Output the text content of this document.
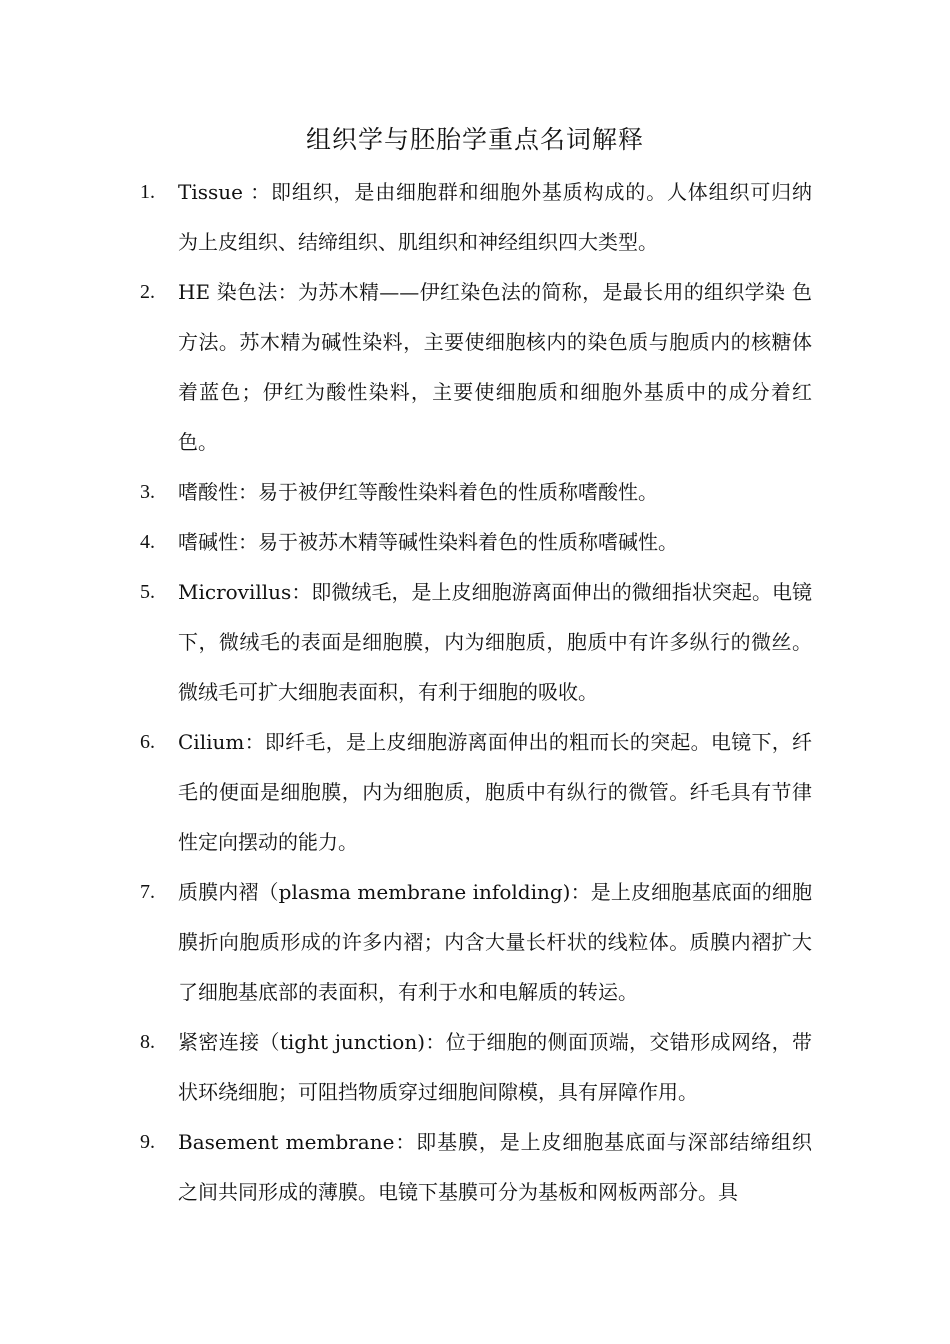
组织学与胚胎学重点名词解释
1. Tissue ：即组织，是由细胞群和细胞外基质构成的。人体组织可归纳 为上皮组织、结缔组织、肌组织和神经组织四大类型。
2. HE 染色法：为苏木精——伊红染色法的简称，是最长用的组织学染 色方法。苏木精为碱性染料，主要使细胞核内的染色质与胞质内的核糖体着蓝色；伊红为酸性染料，主要使细胞质和细胞外基质中的成分着红色。
3. 嗜酸性：易于被伊红等酸性染料着色的性质称嗜酸性。
4. 嗜碱性：易于被苏木精等碱性染料着色的性质称嗜碱性。
5. Microvillus：即微绒毛，是上皮细胞游离面伸出的微细指状突起。电镜下，微绒毛的表面是细胞膜，内为细胞质，胞质中有许多纵行的微丝。微绒毛可扩大细胞表面积，有利于细胞的吸收。
6. Cilium：即纤毛，是上皮细胞游离面伸出的粗而长的突起。电镜下，纤毛的便面是细胞膜，内为细胞质，胞质中有纵行的微管。纤毛具有节律性定向摆动的能力。
7. 质膜内褶（plasma membrane infolding)：是上皮细胞基底面的细胞膜折向胞质形成的许多内褶；内含大量长杆状的线粒体。质膜内褶扩大了细胞基底部的表面积，有利于水和电解质的转运。
8. 紧密连接（tight junction)：位于细胞的侧面顶端，交错形成网络，带状环绕细胞；可阻挡物质穿过细胞间隙模，具有屏障作用。
9. Basement membrane：即基膜，是上皮细胞基底面与深部结缔组织之间共同形成的薄膜。电镜下基膜可分为基板和网板两部分。具
